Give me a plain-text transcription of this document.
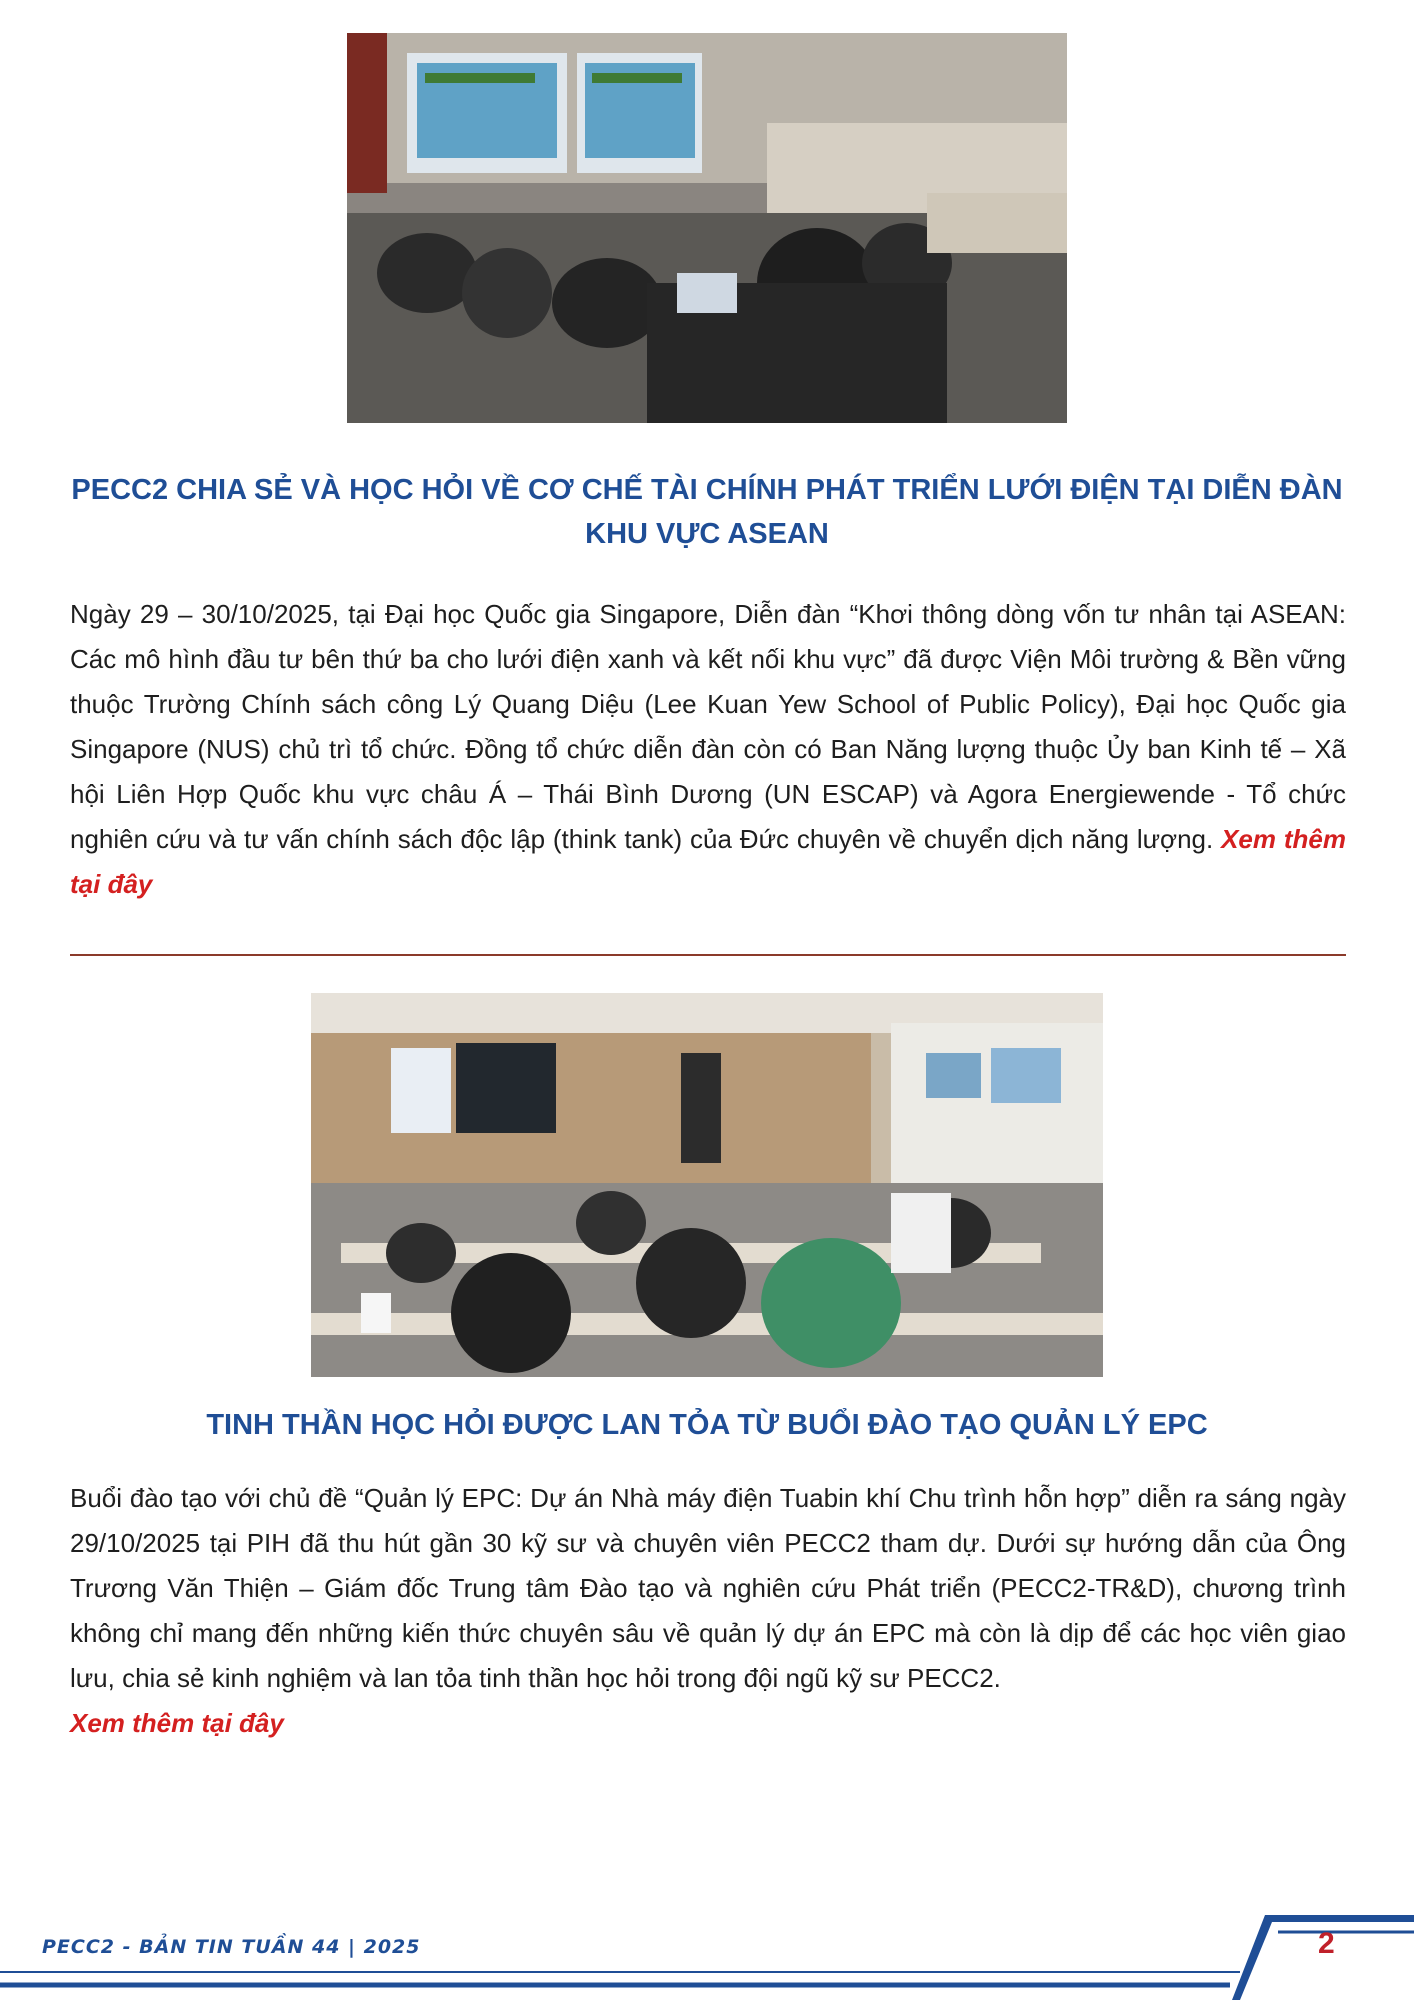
PECC2 CHIA SẺ VÀ HỌC HỎI VỀ CƠ CHẾ TÀI CHÍNH PHÁT TRIỂN LƯỚI ĐIỆN TẠI DIỄN ĐÀN
KHU VỰC ASEAN

Ngày 29 – 30/10/2025, tại Đại học Quốc gia Singapore, Diễn đàn “Khơi thông dòng vốn tư nhân tại ASEAN: Các mô hình đầu tư bên thứ ba cho lưới điện xanh và kết nối khu vực” đã được Viện Môi trường & Bền vững thuộc Trường Chính sách công Lý Quang Diệu (Lee Kuan Yew School of Public Policy), Đại học Quốc gia Singapore (NUS) chủ trì tổ chức. Đồng tổ chức diễn đàn còn có Ban Năng lượng thuộc Ủy ban Kinh tế – Xã hội Liên Hợp Quốc khu vực châu Á – Thái Bình Dương (UN ESCAP) và Agora Energiewende - Tổ chức nghiên cứu và tư vấn chính sách độc lập (think tank) của Đức chuyên về chuyển dịch năng lượng. Xem thêm tại đây

TINH THẦN HỌC HỎI ĐƯỢC LAN TỎA TỪ BUỔI ĐÀO TẠO QUẢN LÝ EPC

Buổi đào tạo với chủ đề “Quản lý EPC: Dự án Nhà máy điện Tuabin khí Chu trình hỗn hợp” diễn ra sáng ngày 29/10/2025 tại PIH đã thu hút gần 30 kỹ sư và chuyên viên PECC2 tham dự. Dưới sự hướng dẫn của Ông Trương Văn Thiện – Giám đốc Trung tâm Đào tạo và nghiên cứu Phát triển (PECC2-TR&D), chương trình không chỉ mang đến những kiến thức chuyên sâu về quản lý dự án EPC mà còn là dịp để các học viên giao lưu, chia sẻ kinh nghiệm và lan tỏa tinh thần học hỏi trong đội ngũ kỹ sư PECC2.
Xem thêm tại đây

PECC2 - BẢN TIN TUẦN 44 | 2025	2
